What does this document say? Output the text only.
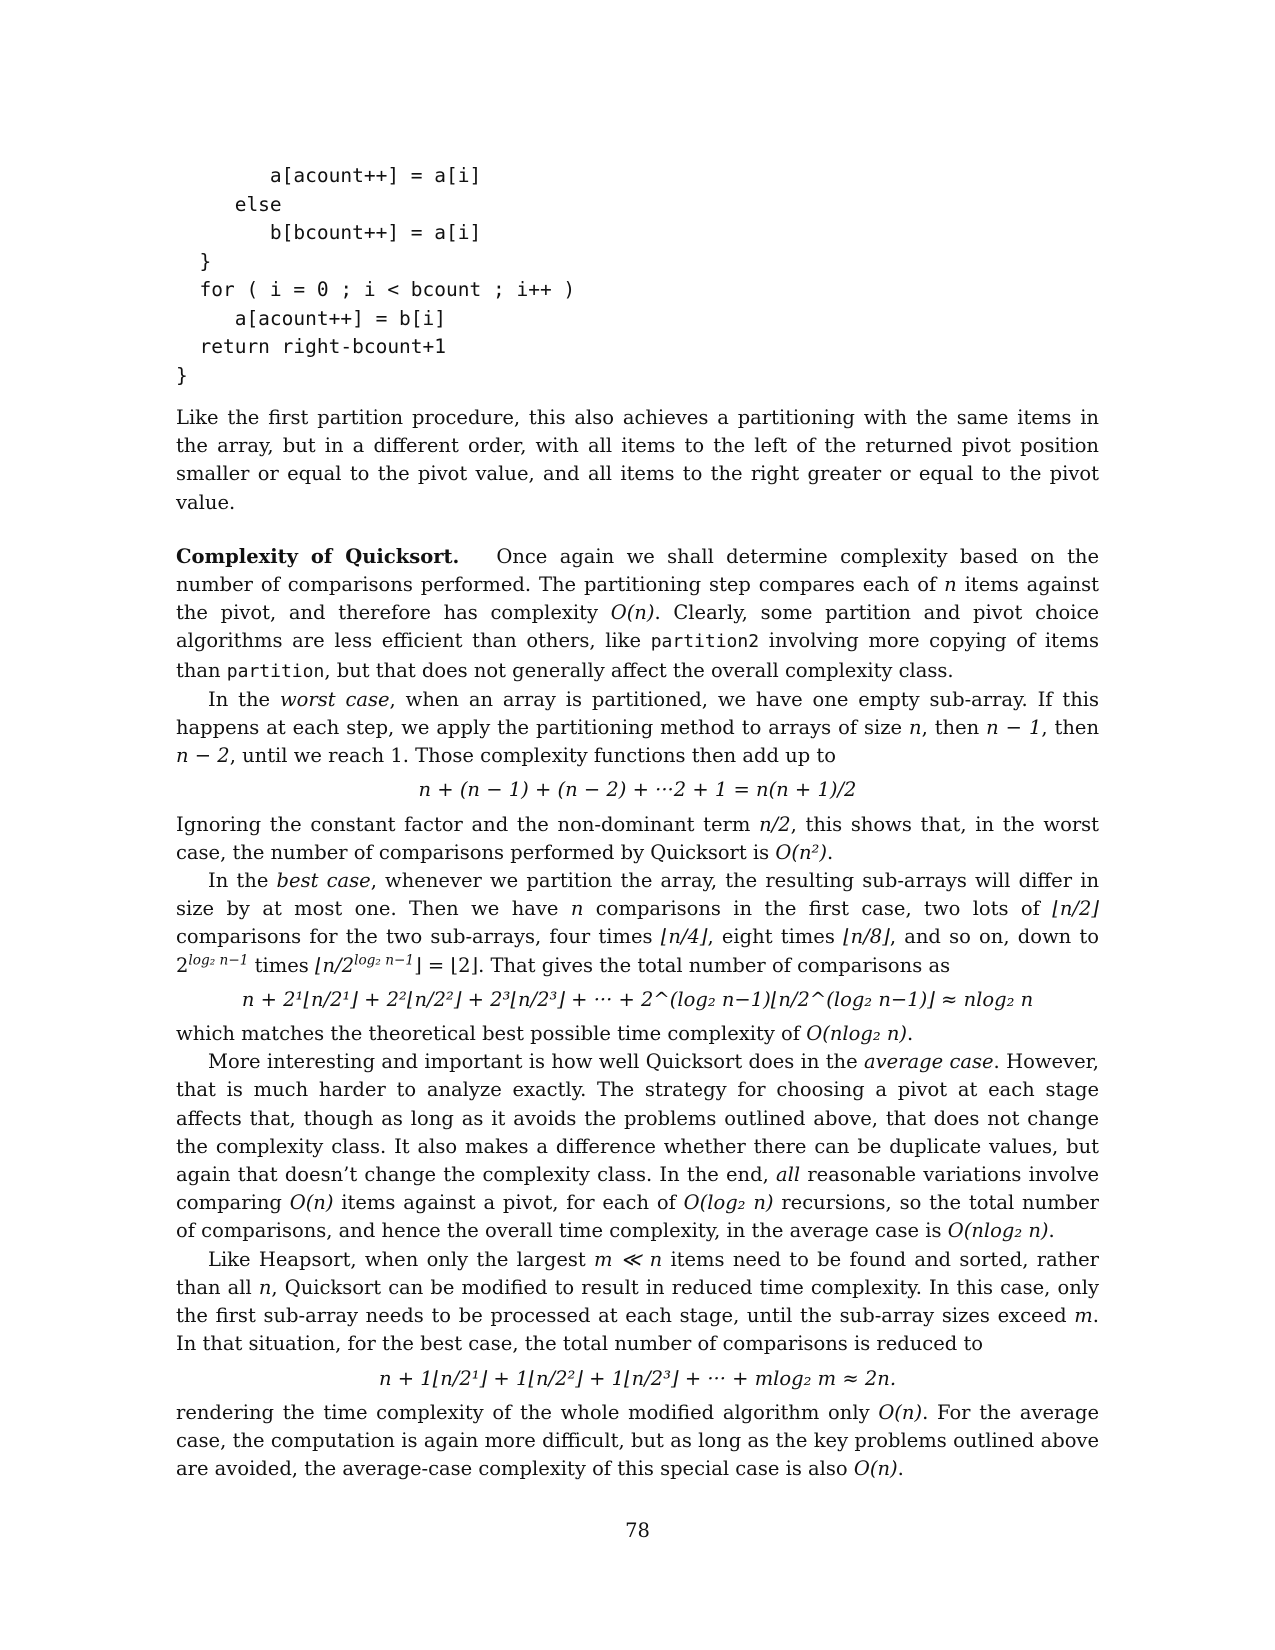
a[acount++] = a[i]
else
b[bcount++] = a[i]
}
for ( i = 0 ; i < bcount ; i++ )
a[acount++] = b[i]
return right-bcount+1
}

Like the first partition procedure, this also achieves a partitioning with the same items in the array, but in a different order, with all items to the left of the returned pivot position smaller or equal to the pivot value, and all items to the right greater or equal to the pivot value.

Complexity of Quicksort. Once again we shall determine complexity based on the number of comparisons performed. The partitioning step compares each of n items against the pivot, and therefore has complexity O(n). Clearly, some partition and pivot choice algorithms are less efficient than others, like partition2 involving more copying of items than partition, but that does not generally affect the overall complexity class.

In the worst case, when an array is partitioned, we have one empty sub-array. If this happens at each step, we apply the partitioning method to arrays of size n, then n − 1, then n − 2, until we reach 1. Those complexity functions then add up to

n + (n − 1) + (n − 2) + ···2 + 1 = n(n + 1)/2

Ignoring the constant factor and the non-dominant term n/2, this shows that, in the worst case, the number of comparisons performed by Quicksort is O(n²).

In the best case, whenever we partition the array, the resulting sub-arrays will differ in size by at most one. Then we have n comparisons in the first case, two lots of ⌊n/2⌋ comparisons for the two sub-arrays, four times ⌊n/4⌋, eight times ⌊n/8⌋, and so on, down to $2^{log_2 n-1}$ times $⌊n/2^{log_2 n-1}⌋$ = ⌊2⌋. That gives the total number of comparisons as

n + 2¹⌊n/2¹⌋ + 2²⌊n/2²⌋ + 2³⌊n/2³⌋ + ··· + 2^(log₂ n−1)⌊n/2^(log₂ n−1)⌋ ≈ nlog₂ n

which matches the theoretical best possible time complexity of O(nlog₂ n).

More interesting and important is how well Quicksort does in the average case. However, that is much harder to analyze exactly. The strategy for choosing a pivot at each stage affects that, though as long as it avoids the problems outlined above, that does not change the complexity class. It also makes a difference whether there can be duplicate values, but again that doesn’t change the complexity class. In the end, all reasonable variations involve comparing O(n) items against a pivot, for each of O(log₂ n) recursions, so the total number of comparisons, and hence the overall time complexity, in the average case is O(nlog₂ n).

Like Heapsort, when only the largest m ≪ n items need to be found and sorted, rather than all n, Quicksort can be modified to result in reduced time complexity. In this case, only the first sub-array needs to be processed at each stage, until the sub-array sizes exceed m. In that situation, for the best case, the total number of comparisons is reduced to

n + 1⌊n/2¹⌋ + 1⌊n/2²⌋ + 1⌊n/2³⌋ + ··· + mlog₂ m ≈ 2n.

rendering the time complexity of the whole modified algorithm only O(n). For the average case, the computation is again more difficult, but as long as the key problems outlined above are avoided, the average-case complexity of this special case is also O(n).

78
